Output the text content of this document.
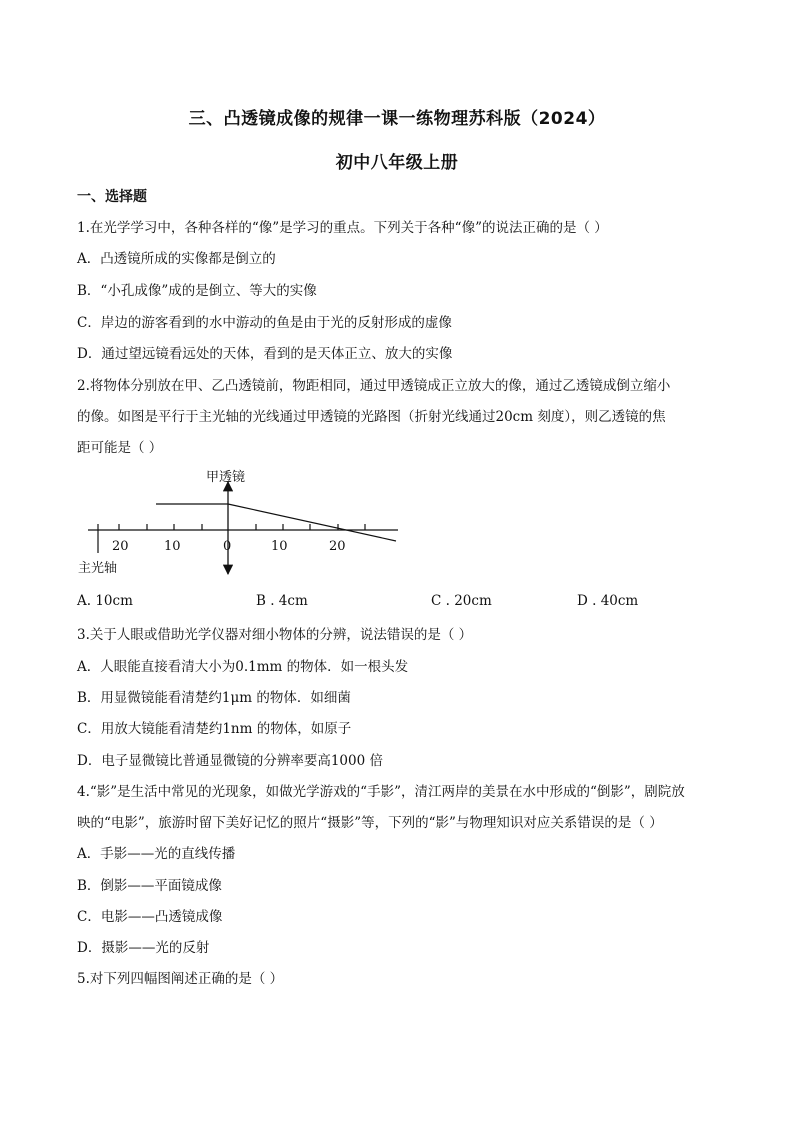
三、凸透镜成像的规律一课一练物理苏科版（2024）
初中八年级上册
一、选择题
1.在光学学习中，各种各样的“像”是学习的重点。下列关于各种“像”的说法正确的是（ ）
A．凸透镜所成的实像都是倒立的
B．“小孔成像”成的是倒立、等大的实像
C．岸边的游客看到的水中游动的鱼是由于光的反射形成的虚像
D．通过望远镜看远处的天体，看到的是天体正立、放大的实像
2.将物体分别放在甲、乙凸透镜前，物距相同，通过甲透镜成正立放大的像，通过乙透镜成倒立缩小
的像。如图是平行于主光轴的光线通过甲透镜的光路图（折射光线通过20cm 刻度），则乙透镜的焦
距可能是（ ）
甲透镜
20	10	0	10	20
主光轴
A. 10cm	B . 4cm	C . 20cm	D . 40cm
3.关于人眼或借助光学仪器对细小物体的分辨，说法错误的是（ ）
A．人眼能直接看清大小为0.1mm 的物体．如一根头发
B．用显微镜能看清楚约1μm 的物体．如细菌
C．用放大镜能看清楚约1nm 的物体，如原子
D．电子显微镜比普通显微镜的分辨率要高1000 倍
4.“影”是生活中常见的光现象，如做光学游戏的“手影”，清江两岸的美景在水中形成的“倒影”，剧院放
映的“电影”，旅游时留下美好记忆的照片“摄影”等，下列的“影”与物理知识对应关系错误的是（ ）
A．手影——光的直线传播
B．倒影——平面镜成像
C．电影——凸透镜成像
D．摄影——光的反射
5.对下列四幅图阐述正确的是（ ）
